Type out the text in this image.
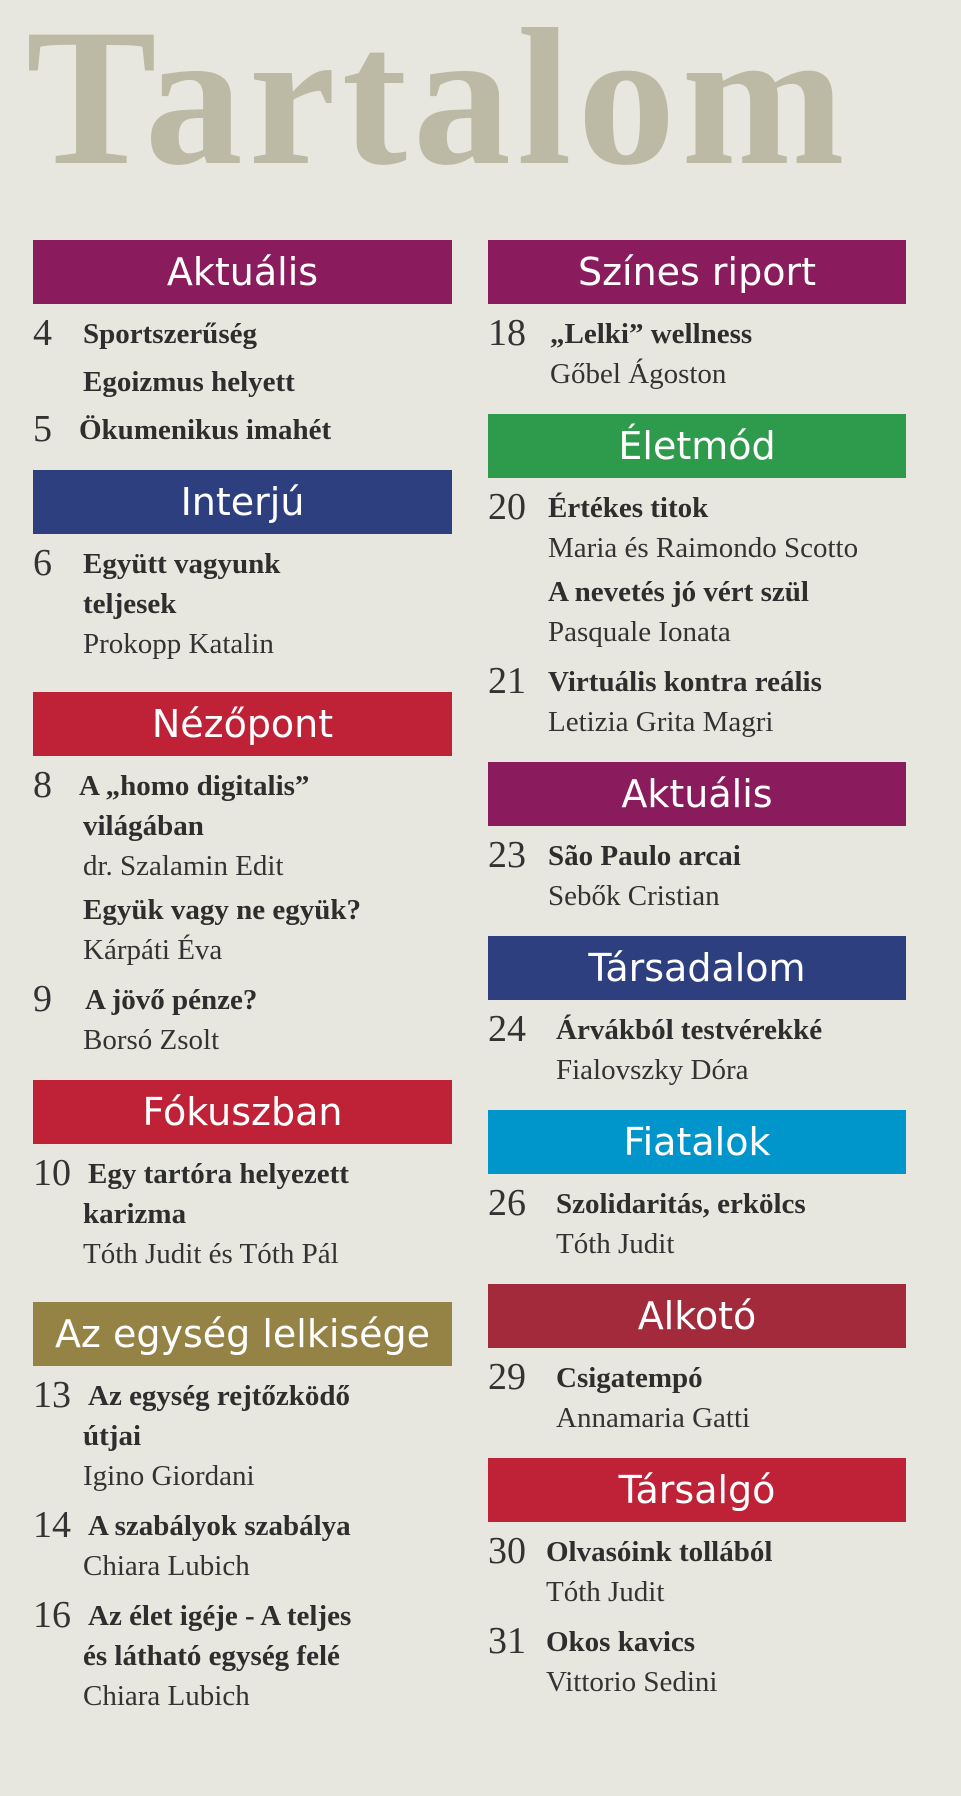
Tartalom
Aktuális
4	Sportszerűség
Egoizmus helyett
5 Ökumenikus imahét
Interjú
6	Együtt vagyunk
teljesek
Prokopp Katalin
Nézőpont
8 A „homo digitalis”
világában
dr. Szalamin Edit
Együk vagy ne együk?
Kárpáti Éva
9	A jövő pénze?
Borsó Zsolt
Fókuszban
10 Egy tartóra helyezett
karizma
Tóth Judit és Tóth Pál
Az egység lelkisége
13 Az egység rejtőzködő
útjai
Igino Giordani
14 A szabályok szabálya
Chiara Lubich
16 Az élet igéje - A teljes
és látható egység felé
Chiara Lubich
Színes riport
18 „Lelki” wellness
Gőbel Ágoston
Életmód
20 Értékes titok
Maria és Raimondo Scotto
A nevetés jó vért szül
Pasquale Ionata
21 Virtuális kontra reális
Letizia Grita Magri
Aktuális
23 São Paulo arcai
Sebők Cristian
Társadalom
24	Árvákból testvérekké
Fialovszky Dóra
Fiatalok
26	Szolidaritás, erkölcs
Tóth Judit
Alkotó
29	Csigatempó
Annamaria Gatti
Társalgó
30 Olvasóink tollából
Tóth Judit
31 Okos kavics
Vittorio Sedini
